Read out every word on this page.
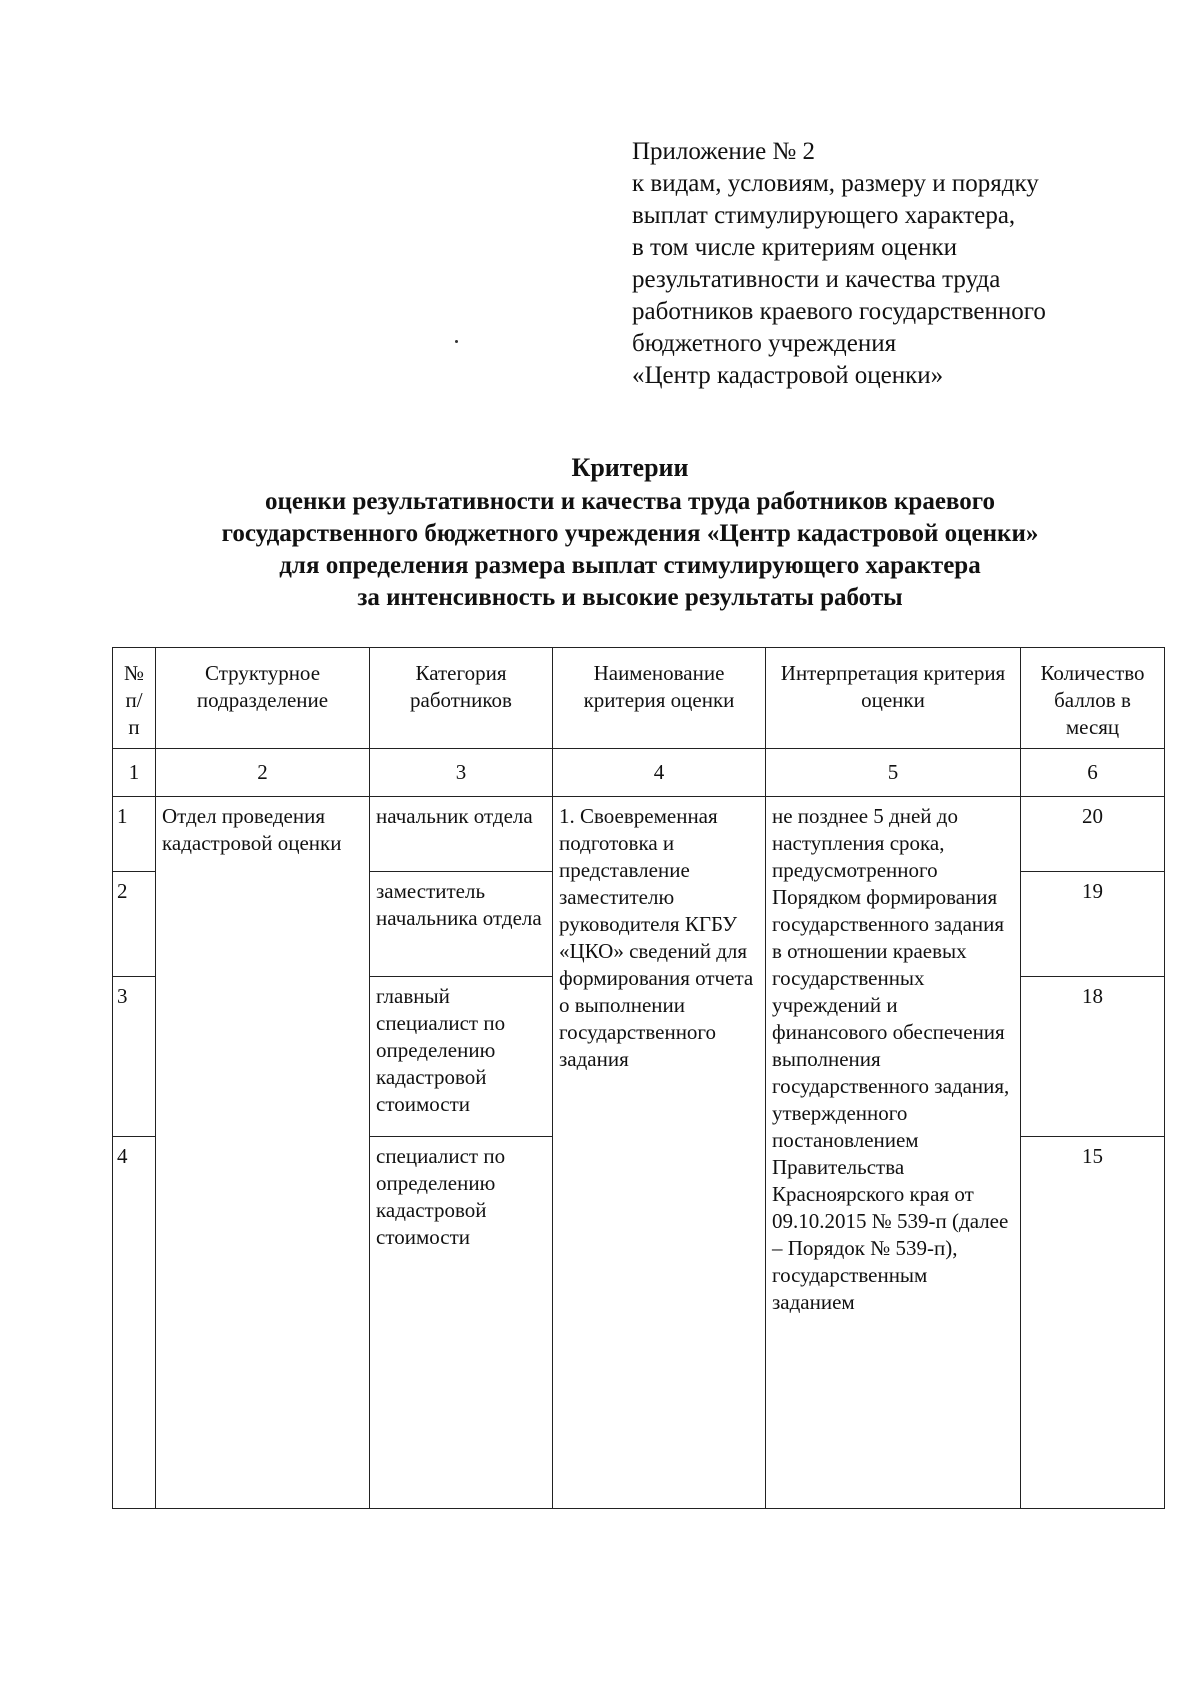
Приложение № 2
к видам, условиям, размеру и порядку
выплат стимулирующего характера,
в том числе критериям оценки
результативности и качества труда
работников краевого государственного
бюджетного учреждения
«Центр кадастровой оценки»
Критерии
оценки результативности и качества труда работников краевого
государственного бюджетного учреждения «Центр кадастровой оценки»
для определения размера выплат стимулирующего характера
за интенсивность и высокие результаты работы
№ п/ п	Структурное подразделение	Категория работников	Наименование критерия оценки	Интерпретация критерия оценки	Количество баллов в месяц
1	2	3	4	5	6
1	Отдел проведения кадастровой оценки	начальник отдела	1. Своевременная подготовка и представление заместителю руководителя КГБУ «ЦКО» сведений для формирования отчета о выполнении государственного задания	не позднее 5 дней до наступления срока, предусмотренного Порядком формирования государственного задания в отношении краевых государственных учреждений и финансового обеспечения выполнения государственного задания, утвержденного постановлением Правительства Красноярского края от 09.10.2015 № 539-п (далее – Порядок № 539-п), государственным заданием	20
2		заместитель начальника отдела			19
3		главный специалист по определению кадастровой стоимости			18
4		специалист по определению кадастровой стоимости			15
